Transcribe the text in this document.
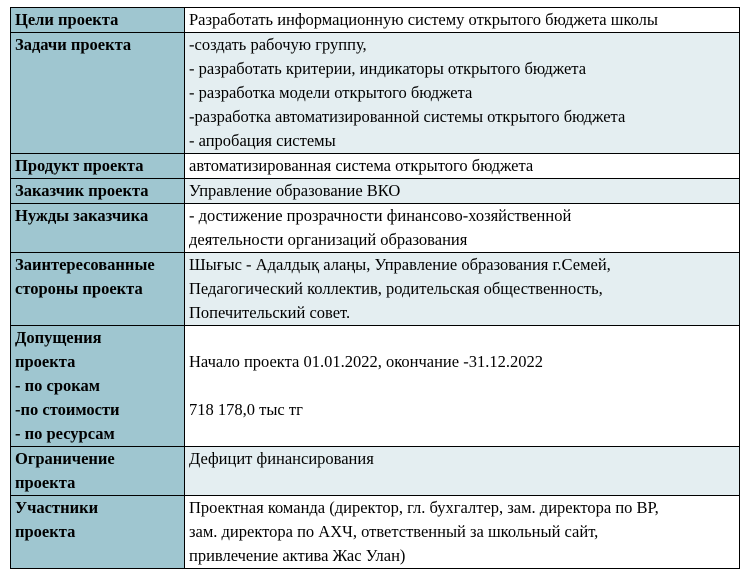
Цели проекта	Разработать информационную систему открытого бюджета школы

Задачи проекта	-создать рабочую группу,
- разработать критерии, индикаторы открытого бюджета
- разработка модели открытого бюджета
-разработка автоматизированной системы открытого бюджета
- апробация системы

Продукт проекта	автоматизированная система открытого бюджета

Заказчик проекта	Управление образование ВКО

Нужды заказчика	- достижение прозрачности финансово-хозяйственной
деятельности организаций образования

Заинтересованные
стороны проекта	Шығыс - Адалдық алаңы, Управление образования г.Семей,
Педагогический коллектив, родительская общественность,
Попечительский совет.

Допущения
проекта
- по срокам
-по стоимости
- по ресурсам	Начало проекта 01.01.2022, окончание -31.12.2022
718 178,0 тыс тг

Ограничение
проекта	Дефицит финансирования

Участники
проекта	Проектная команда (директор, гл. бухгалтер, зам. директора по ВР,
зам. директора по АХЧ, ответственный за школьный сайт,
привлечение актива Жас Улан)
